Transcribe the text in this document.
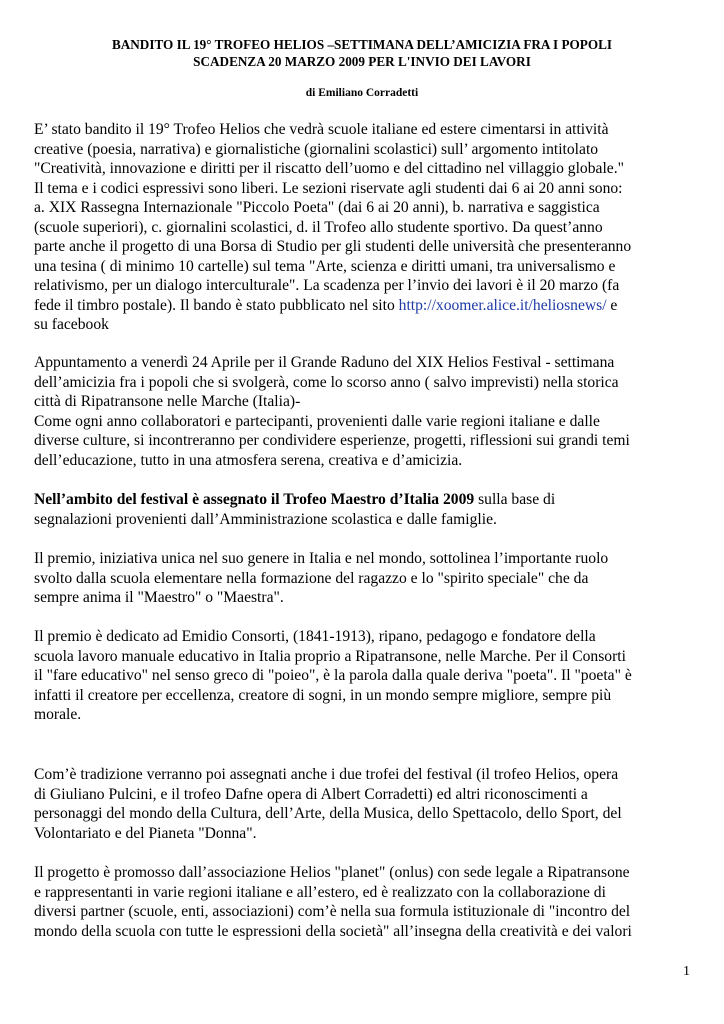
BANDITO IL 19° TROFEO HELIOS –SETTIMANA DELL’AMICIZIA FRA I POPOLI
SCADENZA 20 MARZO 2009 PER L'INVIO DEI LAVORI
di Emiliano Corradetti
E’ stato bandito il 19° Trofeo Helios che vedrà scuole italiane ed estere cimentarsi in attività
creative (poesia, narrativa) e giornalistiche (giornalini scolastici) sull’ argomento intitolato
"Creatività, innovazione e diritti per il riscatto dell’uomo e del cittadino nel villaggio globale."
Il tema e i codici espressivi sono liberi. Le sezioni riservate agli studenti dai 6 ai 20 anni sono:
a. XIX Rassegna Internazionale "Piccolo Poeta" (dai 6 ai 20 anni), b. narrativa e saggistica
(scuole superiori), c. giornalini scolastici, d. il Trofeo allo studente sportivo. Da quest’anno
parte anche il progetto di una Borsa di Studio per gli studenti delle università che presenteranno
una tesina ( di minimo 10 cartelle) sul tema "Arte, scienza e diritti umani, tra universalismo e
relativismo, per un dialogo interculturale". La scadenza per l’invio dei lavori è il 20 marzo (fa
fede il timbro postale). Il bando è stato pubblicato nel sito http://xoomer.alice.it/heliosnews/ e
su facebook
Appuntamento a venerdì 24 Aprile per il Grande Raduno del XIX Helios Festival - settimana
dell’amicizia fra i popoli che si svolgerà, come lo scorso anno ( salvo imprevisti) nella storica
città di Ripatransone nelle Marche (Italia)-
Come ogni anno collaboratori e partecipanti, provenienti dalle varie regioni italiane e dalle
diverse culture, si incontreranno per condividere esperienze, progetti, riflessioni sui grandi temi
dell’educazione, tutto in una atmosfera serena, creativa e d’amicizia.
Nell’ambito del festival è assegnato il Trofeo Maestro d’Italia 2009 sulla base di
segnalazioni provenienti dall’Amministrazione scolastica e dalle famiglie.
Il premio, iniziativa unica nel suo genere in Italia e nel mondo, sottolinea l’importante ruolo
svolto dalla scuola elementare nella formazione del ragazzo e lo "spirito speciale" che da
sempre anima il "Maestro" o "Maestra".
Il premio è dedicato ad Emidio Consorti, (1841-1913), ripano, pedagogo e fondatore della
scuola lavoro manuale educativo in Italia proprio a Ripatransone, nelle Marche. Per il Consorti
il "fare educativo" nel senso greco di "poieo", è la parola dalla quale deriva "poeta". Il "poeta" è
infatti il creatore per eccellenza, creatore di sogni, in un mondo sempre migliore, sempre più
morale.
Com’è tradizione verranno poi assegnati anche i due trofei del festival (il trofeo Helios, opera
di Giuliano Pulcini, e il trofeo Dafne opera di Albert Corradetti) ed altri riconoscimenti a
personaggi del mondo della Cultura, dell’Arte, della Musica, dello Spettacolo, dello Sport, del
Volontariato e del Pianeta "Donna".
Il progetto è promosso dall’associazione Helios "planet" (onlus) con sede legale a Ripatransone
e rappresentanti in varie regioni italiane e all’estero, ed è realizzato con la collaborazione di
diversi partner (scuole, enti, associazioni) com’è nella sua formula istituzionale di "incontro del
mondo della scuola con tutte le espressioni della società" all’insegna della creatività e dei valori
1
